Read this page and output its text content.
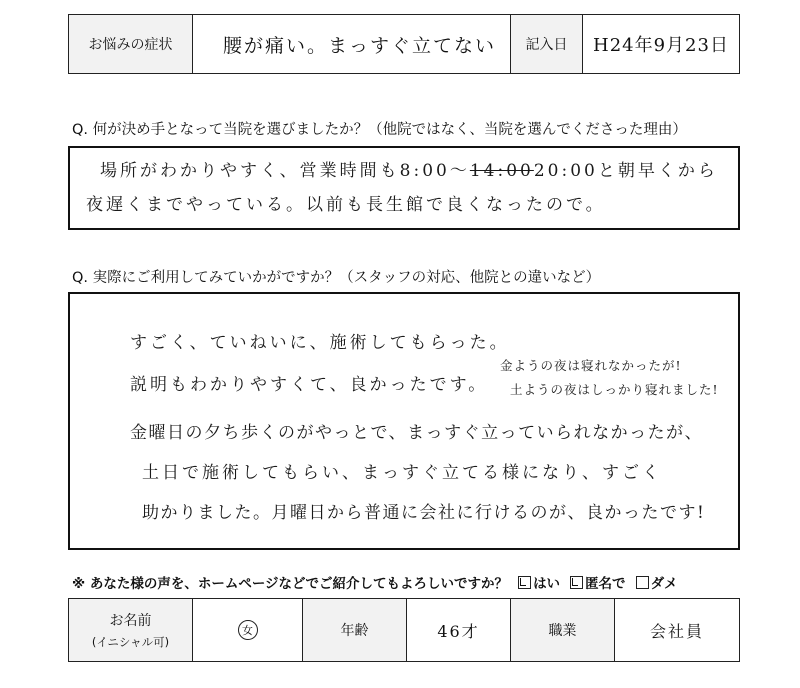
お悩みの症状	腰が痛い。まっすぐ立てない	記入日	H24年9月23日
Q. 何が決め手となって当院を選びましたか？（他院ではなく、当院を選んでくださった理由）
場所がわかりやすく、営業時間も8:00〜14:0020:00と朝早くから
夜遅くまでやっている。以前も長生館で良くなったので。
Q. 実際にご利用してみていかがですか？（スタッフの対応、他院との違いなど）
すごく、ていねいに、施術してもらった。
説明もわかりやすくて、良かったです。
金ようの夜は寝れなかったが!
土ようの夜はしっかり寝れました!
金曜日の夕ち歩くのがやっとで、まっすぐ立っていられなかったが、
土日で施術してもらい、まっすぐ立てる様になり、すごく
助かりました。月曜日から普通に会社に行けるのが、良かったです!
※ あなた様の声を、ホームページなどでご紹介してもよろしいですか？ はい 匿名で ダメ
お名前
(イニシャル可)
女	年齢	46才	職業	会社員
